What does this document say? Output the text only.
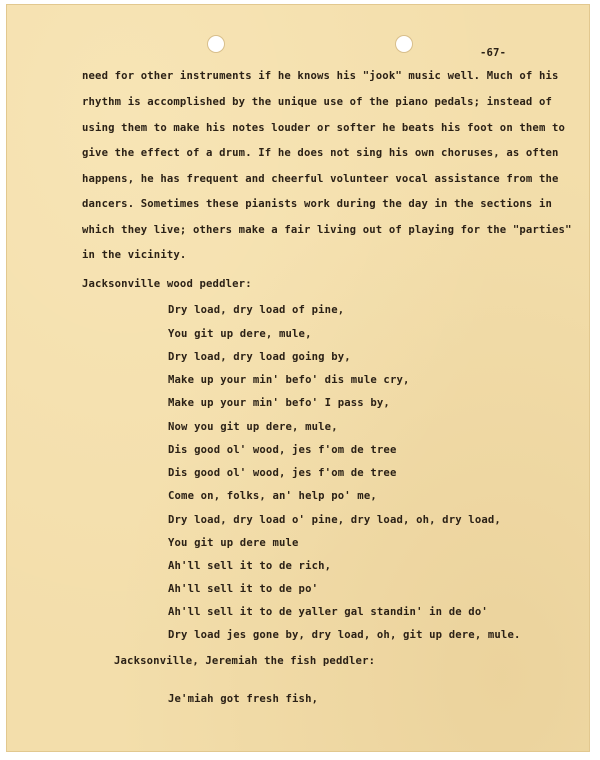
-67-
need for other instruments if he knows his "jook" music well. Much of his
rhythm is accomplished by the unique use of the piano pedals; instead of
using them to make his notes louder or softer he beats his foot on them to
give the effect of a drum. If he does not sing his own choruses, as often
happens, he has frequent and cheerful volunteer vocal assistance from the
dancers. Sometimes these pianists work during the day in the sections in
which they live; others make a fair living out of playing for the "parties"
in the vicinity.
Jacksonville wood peddler:
Dry load, dry load of pine,
You git up dere, mule,
Dry load, dry load going by,
Make up your min' befo' dis mule cry,
Make up your min' befo' I pass by,
Now you git up dere, mule,
Dis good ol' wood, jes f'om de tree
Dis good ol' wood, jes f'om de tree
Come on, folks, an' help po' me,
Dry load, dry load o' pine, dry load, oh, dry load,
You git up dere mule
Ah'll sell it to de rich,
Ah'll sell it to de po'
Ah'll sell it to de yaller gal standin' in de do'
Dry load jes gone by, dry load, oh, git up dere, mule.
Jacksonville, Jeremiah the fish peddler:
Je'miah got fresh fish,
